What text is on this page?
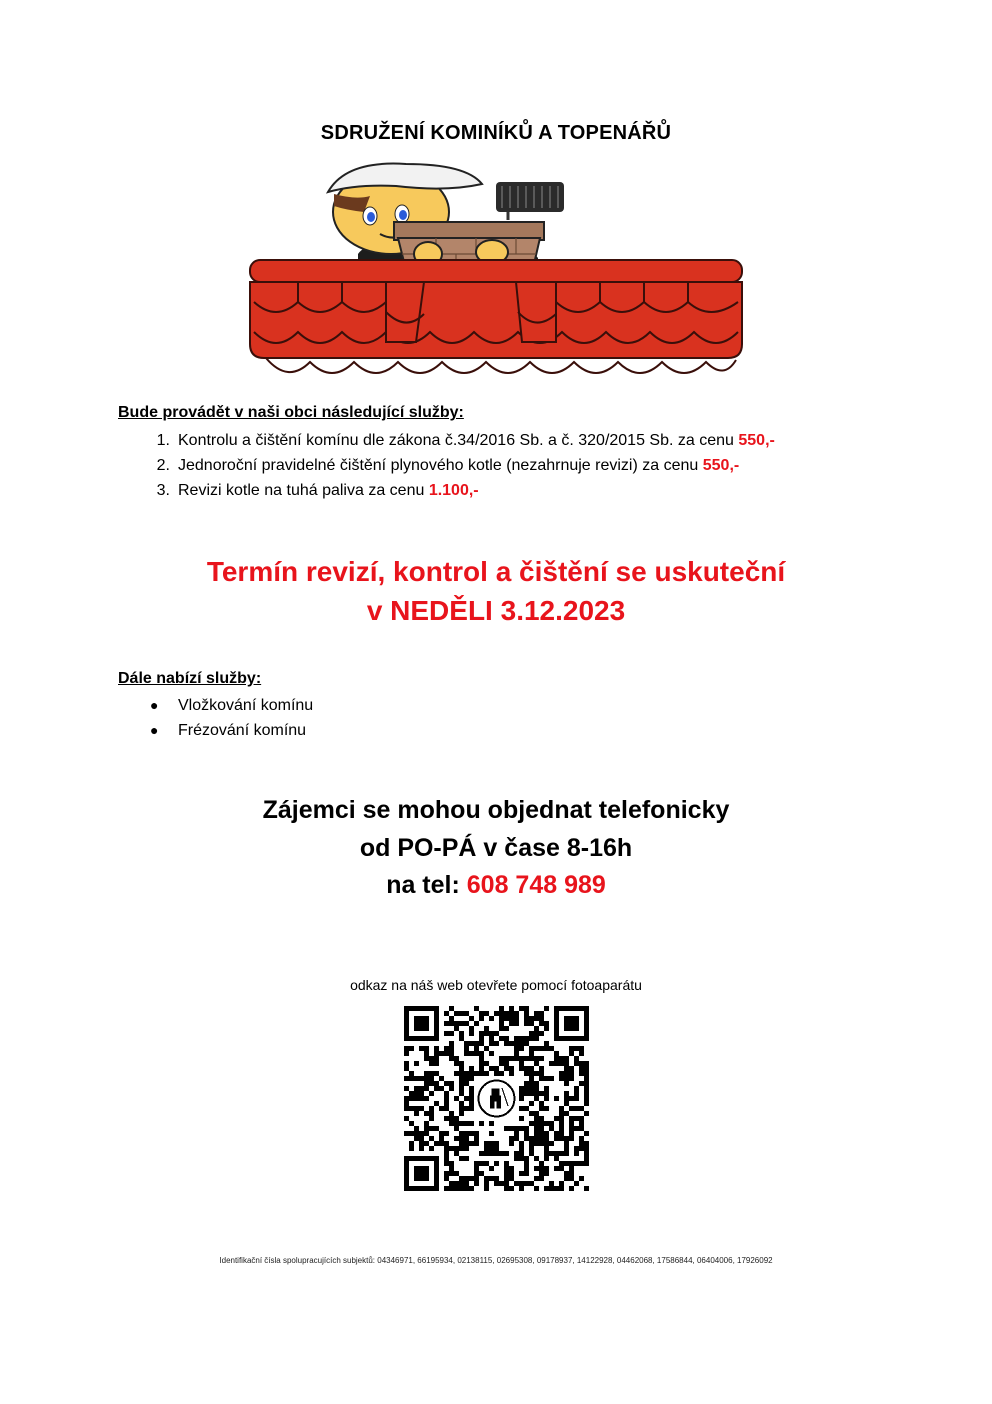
SDRUŽENÍ KOMINÍKŮ A TOPENÁŘŮ
Bude provádět v naši obci následující služby:
1. Kontrolu a čištění komínu dle zákona č.34/2016 Sb. a č. 320/2015 Sb. za cenu 550,-
2. Jednoroční pravidelné čištění plynového kotle (nezahrnuje revizi) za cenu 550,-
3. Revizi kotle na tuhá paliva za cenu 1.100,-
Termín revizí, kontrol a čištění se uskuteční
v NEDĚLI 3.12.2023
Dále nabízí služby:
● Vložkování komínu
● Frézování komínu
Zájemci se mohou objednat telefonicky
od PO-PÁ v čase 8-16h
na tel: 608 748 989
odkaz na náš web otevřete pomocí fotoaparátu
Identifikační čísla spolupracujících subjektů: 04346971, 66195934, 02138115, 02695308, 09178937, 14122928, 04462068, 17586844, 06404006, 17926092
